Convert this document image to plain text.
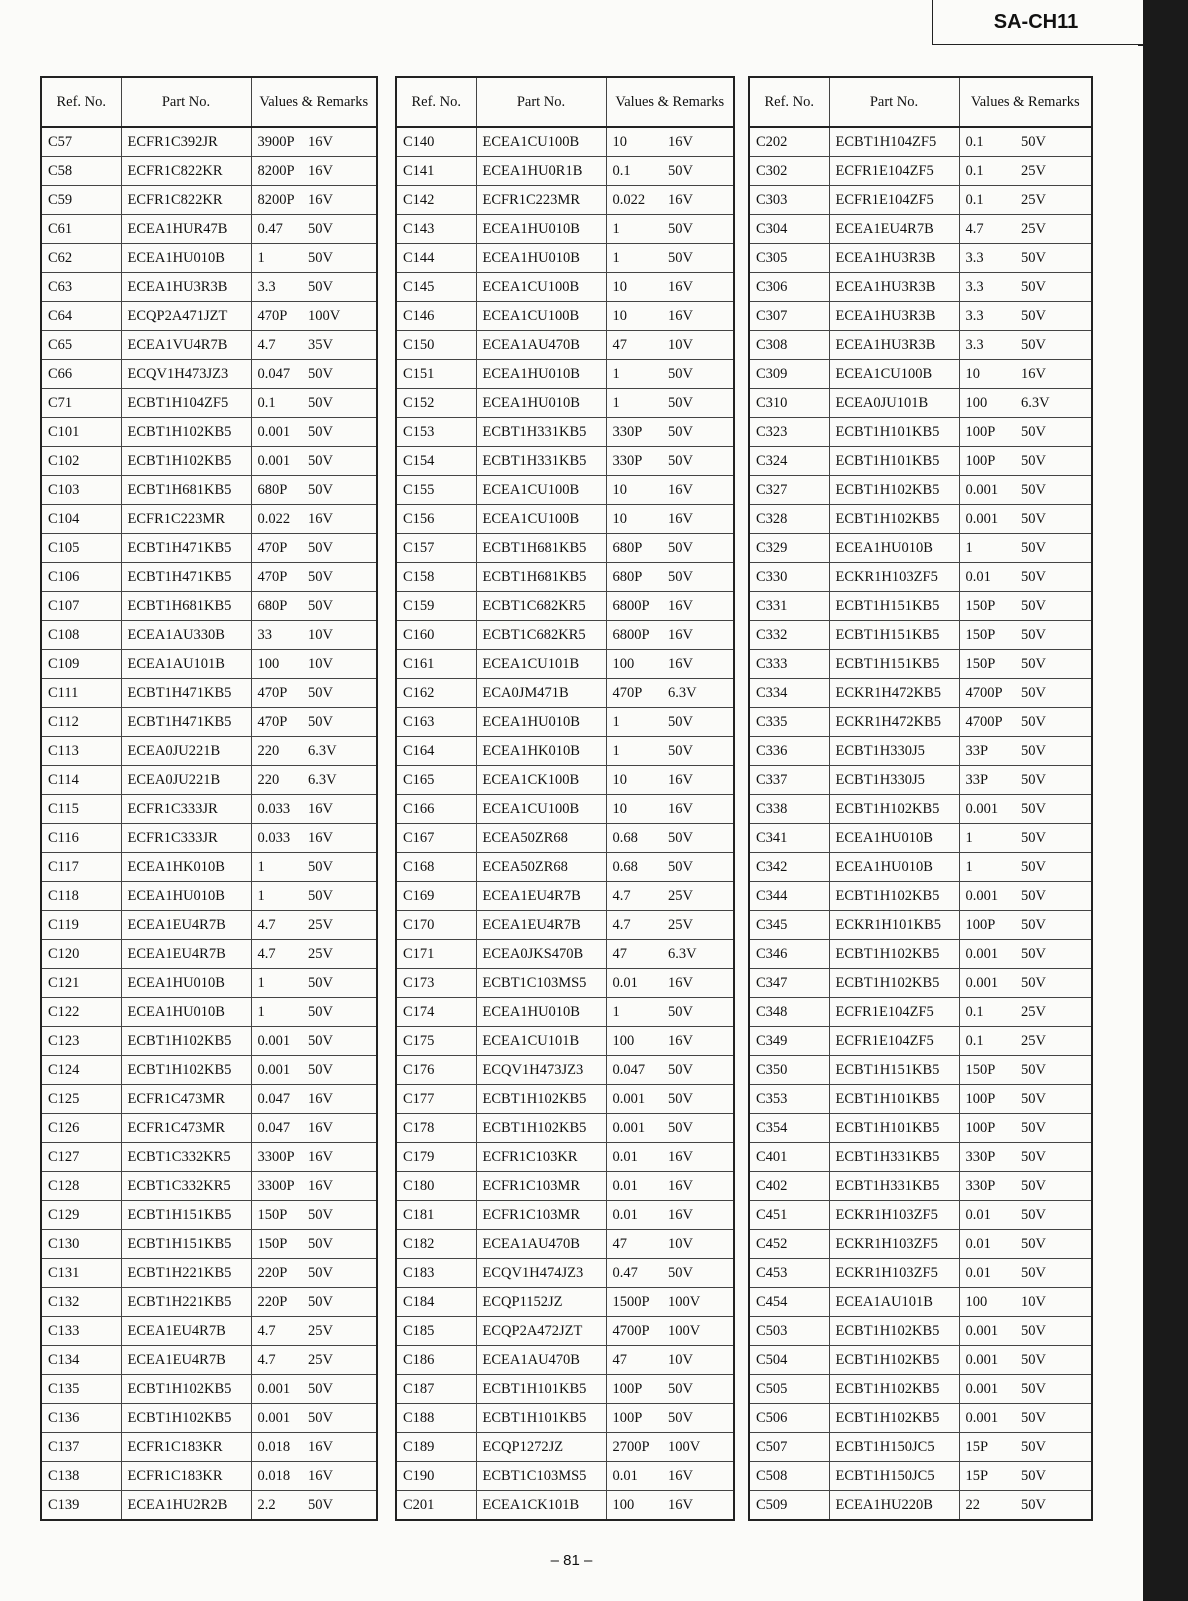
SA-CH11
Ref. No.	Part No.	Values & Remarks	
C57	ECFR1C392JR	3900P	16V
C58	ECFR1C822KR	8200P	16V
C59	ECFR1C822KR	8200P	16V
C61	ECEA1HUR47B	0.47	50V
C62	ECEA1HU010B	1	50V
C63	ECEA1HU3R3B	3.3	50V
C64	ECQP2A471JZT	470P	100V
C65	ECEA1VU4R7B	4.7	35V
C66	ECQV1H473JZ3	0.047	50V
C71	ECBT1H104ZF5	0.1	50V
C101	ECBT1H102KB5	0.001	50V
C102	ECBT1H102KB5	0.001	50V
C103	ECBT1H681KB5	680P	50V
C104	ECFR1C223MR	0.022	16V
C105	ECBT1H471KB5	470P	50V
C106	ECBT1H471KB5	470P	50V
C107	ECBT1H681KB5	680P	50V
C108	ECEA1AU330B	33	10V
C109	ECEA1AU101B	100	10V
C111	ECBT1H471KB5	470P	50V
C112	ECBT1H471KB5	470P	50V
C113	ECEA0JU221B	220	6.3V
C114	ECEA0JU221B	220	6.3V
C115	ECFR1C333JR	0.033	16V
C116	ECFR1C333JR	0.033	16V
C117	ECEA1HK010B	1	50V
C118	ECEA1HU010B	1	50V
C119	ECEA1EU4R7B	4.7	25V
C120	ECEA1EU4R7B	4.7	25V
C121	ECEA1HU010B	1	50V
C122	ECEA1HU010B	1	50V
C123	ECBT1H102KB5	0.001	50V
C124	ECBT1H102KB5	0.001	50V
C125	ECFR1C473MR	0.047	16V
C126	ECFR1C473MR	0.047	16V
C127	ECBT1C332KR5	3300P	16V
C128	ECBT1C332KR5	3300P	16V
C129	ECBT1H151KB5	150P	50V
C130	ECBT1H151KB5	150P	50V
C131	ECBT1H221KB5	220P	50V
C132	ECBT1H221KB5	220P	50V
C133	ECEA1EU4R7B	4.7	25V
C134	ECEA1EU4R7B	4.7	25V
C135	ECBT1H102KB5	0.001	50V
C136	ECBT1H102KB5	0.001	50V
C137	ECFR1C183KR	0.018	16V
C138	ECFR1C183KR	0.018	16V
C139	ECEA1HU2R2B	2.2	50V
Ref. No.	Part No.	Values & Remarks	
C140	ECEA1CU100B	10	16V
C141	ECEA1HU0R1B	0.1	50V
C142	ECFR1C223MR	0.022	16V
C143	ECEA1HU010B	1	50V
C144	ECEA1HU010B	1	50V
C145	ECEA1CU100B	10	16V
C146	ECEA1CU100B	10	16V
C150	ECEA1AU470B	47	10V
C151	ECEA1HU010B	1	50V
C152	ECEA1HU010B	1	50V
C153	ECBT1H331KB5	330P	50V
C154	ECBT1H331KB5	330P	50V
C155	ECEA1CU100B	10	16V
C156	ECEA1CU100B	10	16V
C157	ECBT1H681KB5	680P	50V
C158	ECBT1H681KB5	680P	50V
C159	ECBT1C682KR5	6800P	16V
C160	ECBT1C682KR5	6800P	16V
C161	ECEA1CU101B	100	16V
C162	ECA0JM471B	470P	6.3V
C163	ECEA1HU010B	1	50V
C164	ECEA1HK010B	1	50V
C165	ECEA1CK100B	10	16V
C166	ECEA1CU100B	10	16V
C167	ECEA50ZR68	0.68	50V
C168	ECEA50ZR68	0.68	50V
C169	ECEA1EU4R7B	4.7	25V
C170	ECEA1EU4R7B	4.7	25V
C171	ECEA0JKS470B	47	6.3V
C173	ECBT1C103MS5	0.01	16V
C174	ECEA1HU010B	1	50V
C175	ECEA1CU101B	100	16V
C176	ECQV1H473JZ3	0.047	50V
C177	ECBT1H102KB5	0.001	50V
C178	ECBT1H102KB5	0.001	50V
C179	ECFR1C103KR	0.01	16V
C180	ECFR1C103MR	0.01	16V
C181	ECFR1C103MR	0.01	16V
C182	ECEA1AU470B	47	10V
C183	ECQV1H474JZ3	0.47	50V
C184	ECQP1152JZ	1500P	100V
C185	ECQP2A472JZT	4700P	100V
C186	ECEA1AU470B	47	10V
C187	ECBT1H101KB5	100P	50V
C188	ECBT1H101KB5	100P	50V
C189	ECQP1272JZ	2700P	100V
C190	ECBT1C103MS5	0.01	16V
C201	ECEA1CK101B	100	16V
Ref. No.	Part No.	Values & Remarks	
C202	ECBT1H104ZF5	0.1	50V
C302	ECFR1E104ZF5	0.1	25V
C303	ECFR1E104ZF5	0.1	25V
C304	ECEA1EU4R7B	4.7	25V
C305	ECEA1HU3R3B	3.3	50V
C306	ECEA1HU3R3B	3.3	50V
C307	ECEA1HU3R3B	3.3	50V
C308	ECEA1HU3R3B	3.3	50V
C309	ECEA1CU100B	10	16V
C310	ECEA0JU101B	100	6.3V
C323	ECBT1H101KB5	100P	50V
C324	ECBT1H101KB5	100P	50V
C327	ECBT1H102KB5	0.001	50V
C328	ECBT1H102KB5	0.001	50V
C329	ECEA1HU010B	1	50V
C330	ECKR1H103ZF5	0.01	50V
C331	ECBT1H151KB5	150P	50V
C332	ECBT1H151KB5	150P	50V
C333	ECBT1H151KB5	150P	50V
C334	ECKR1H472KB5	4700P	50V
C335	ECKR1H472KB5	4700P	50V
C336	ECBT1H330J5	33P	50V
C337	ECBT1H330J5	33P	50V
C338	ECBT1H102KB5	0.001	50V
C341	ECEA1HU010B	1	50V
C342	ECEA1HU010B	1	50V
C344	ECBT1H102KB5	0.001	50V
C345	ECKR1H101KB5	100P	50V
C346	ECBT1H102KB5	0.001	50V
C347	ECBT1H102KB5	0.001	50V
C348	ECFR1E104ZF5	0.1	25V
C349	ECFR1E104ZF5	0.1	25V
C350	ECBT1H151KB5	150P	50V
C353	ECBT1H101KB5	100P	50V
C354	ECBT1H101KB5	100P	50V
C401	ECBT1H331KB5	330P	50V
C402	ECBT1H331KB5	330P	50V
C451	ECKR1H103ZF5	0.01	50V
C452	ECKR1H103ZF5	0.01	50V
C453	ECKR1H103ZF5	0.01	50V
C454	ECEA1AU101B	100	10V
C503	ECBT1H102KB5	0.001	50V
C504	ECBT1H102KB5	0.001	50V
C505	ECBT1H102KB5	0.001	50V
C506	ECBT1H102KB5	0.001	50V
C507	ECBT1H150JC5	15P	50V
C508	ECBT1H150JC5	15P	50V
C509	ECEA1HU220B	22	50V
– 81 –
